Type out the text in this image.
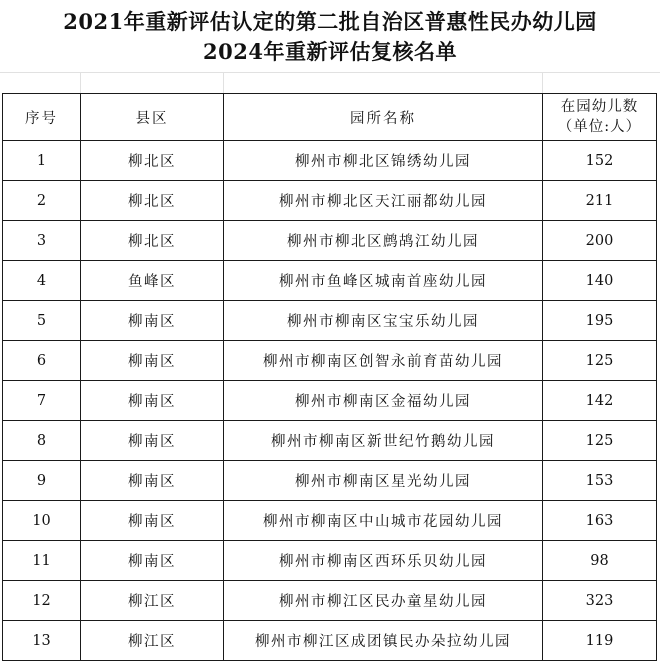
2021年重新评估认定的第二批自治区普惠性民办幼儿园
2024年重新评估复核名单
序号	县区	园所名称	在园幼儿数
（单位:人）

1	柳北区	柳州市柳北区锦绣幼儿园	152
2	柳北区	柳州市柳北区天江丽都幼儿园	211
3	柳北区	柳州市柳北区鹧鸪江幼儿园	200
4	鱼峰区	柳州市鱼峰区城南首座幼儿园	140
5	柳南区	柳州市柳南区宝宝乐幼儿园	195
6	柳南区	柳州市柳南区创智永前育苗幼儿园	125
7	柳南区	柳州市柳南区金福幼儿园	142
8	柳南区	柳州市柳南区新世纪竹鹅幼儿园	125
9	柳南区	柳州市柳南区星光幼儿园	153
10	柳南区	柳州市柳南区中山城市花园幼儿园	163
11	柳南区	柳州市柳南区西环乐贝幼儿园	98
12	柳江区	柳州市柳江区民办童星幼儿园	323
13	柳江区	柳州市柳江区成团镇民办朵拉幼儿园	119
